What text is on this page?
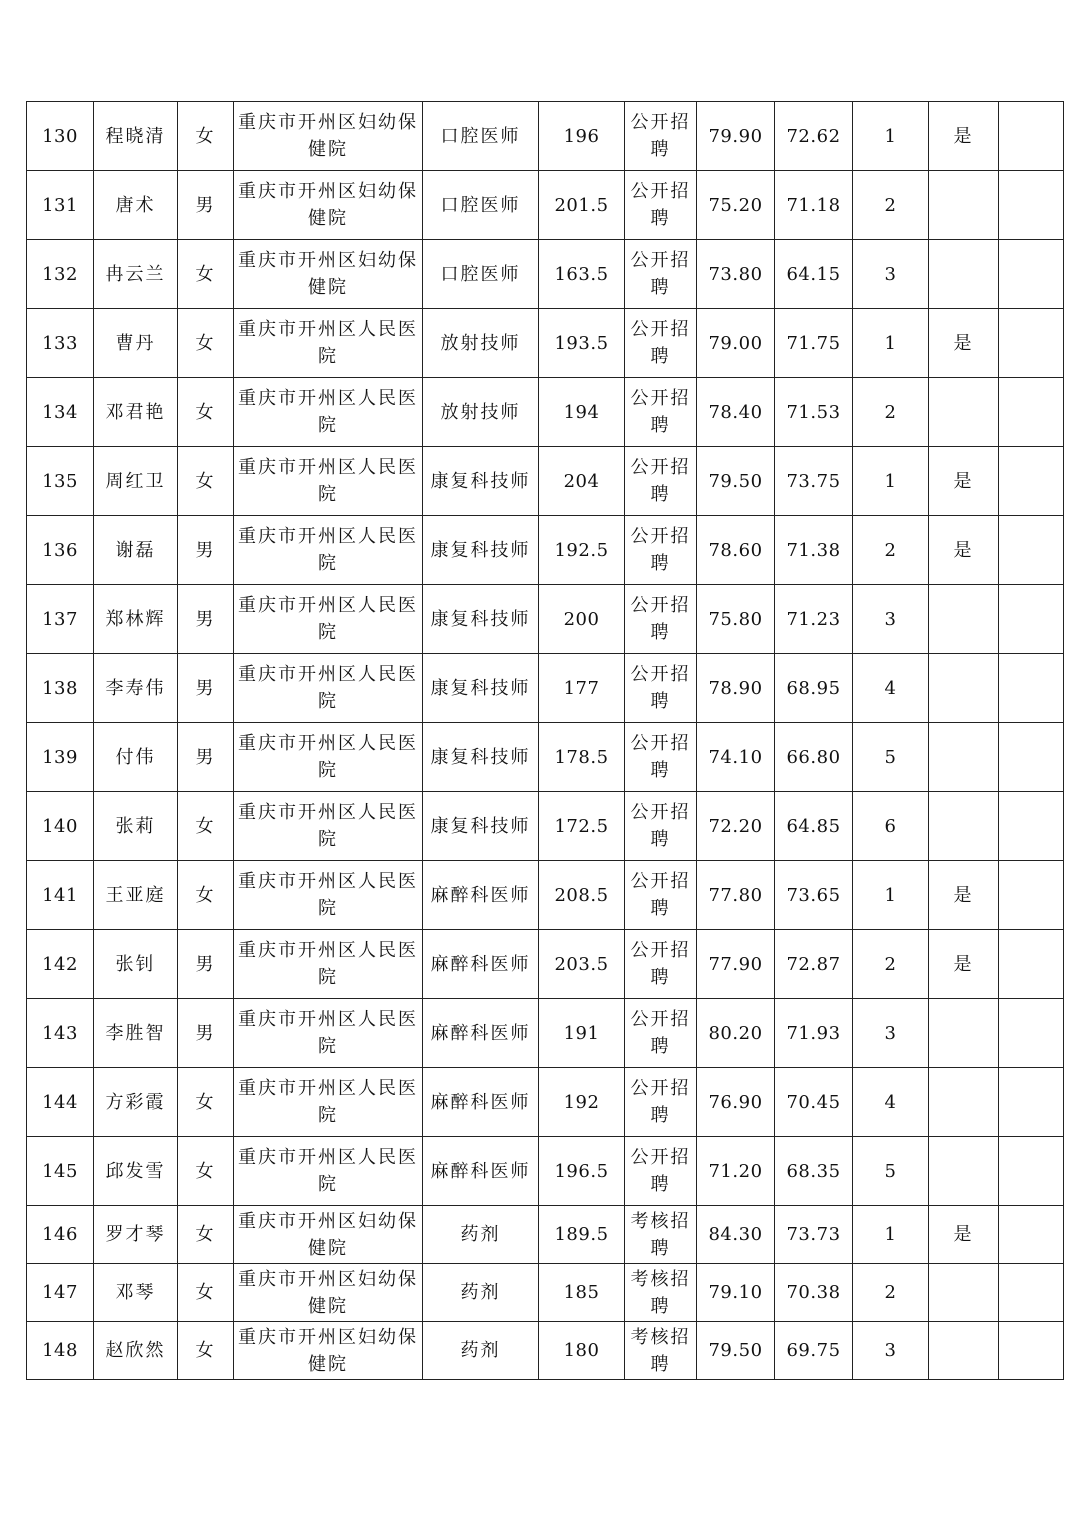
130	程晓清	女	重庆市开州区妇幼保健院	口腔医师	196	公开招聘	79.90	72.62	1	是	
131	唐术	男	重庆市开州区妇幼保健院	口腔医师	201.5	公开招聘	75.20	71.18	2		
132	冉云兰	女	重庆市开州区妇幼保健院	口腔医师	163.5	公开招聘	73.80	64.15	3		
133	曹丹	女	重庆市开州区人民医院	放射技师	193.5	公开招聘	79.00	71.75	1	是	
134	邓君艳	女	重庆市开州区人民医院	放射技师	194	公开招聘	78.40	71.53	2		
135	周红卫	女	重庆市开州区人民医院	康复科技师	204	公开招聘	79.50	73.75	1	是	
136	谢磊	男	重庆市开州区人民医院	康复科技师	192.5	公开招聘	78.60	71.38	2	是	
137	郑林辉	男	重庆市开州区人民医院	康复科技师	200	公开招聘	75.80	71.23	3		
138	李寿伟	男	重庆市开州区人民医院	康复科技师	177	公开招聘	78.90	68.95	4		
139	付伟	男	重庆市开州区人民医院	康复科技师	178.5	公开招聘	74.10	66.80	5		
140	张莉	女	重庆市开州区人民医院	康复科技师	172.5	公开招聘	72.20	64.85	6		
141	王亚庭	女	重庆市开州区人民医院	麻醉科医师	208.5	公开招聘	77.80	73.65	1	是	
142	张钊	男	重庆市开州区人民医院	麻醉科医师	203.5	公开招聘	77.90	72.87	2	是	
143	李胜智	男	重庆市开州区人民医院	麻醉科医师	191	公开招聘	80.20	71.93	3		
144	方彩霞	女	重庆市开州区人民医院	麻醉科医师	192	公开招聘	76.90	70.45	4		
145	邱发雪	女	重庆市开州区人民医院	麻醉科医师	196.5	公开招聘	71.20	68.35	5		
146	罗才琴	女	重庆市开州区妇幼保健院	药剂	189.5	考核招聘	84.30	73.73	1	是	
147	邓琴	女	重庆市开州区妇幼保健院	药剂	185	考核招聘	79.10	70.38	2		
148	赵欣然	女	重庆市开州区妇幼保健院	药剂	180	考核招聘	79.50	69.75	3		
